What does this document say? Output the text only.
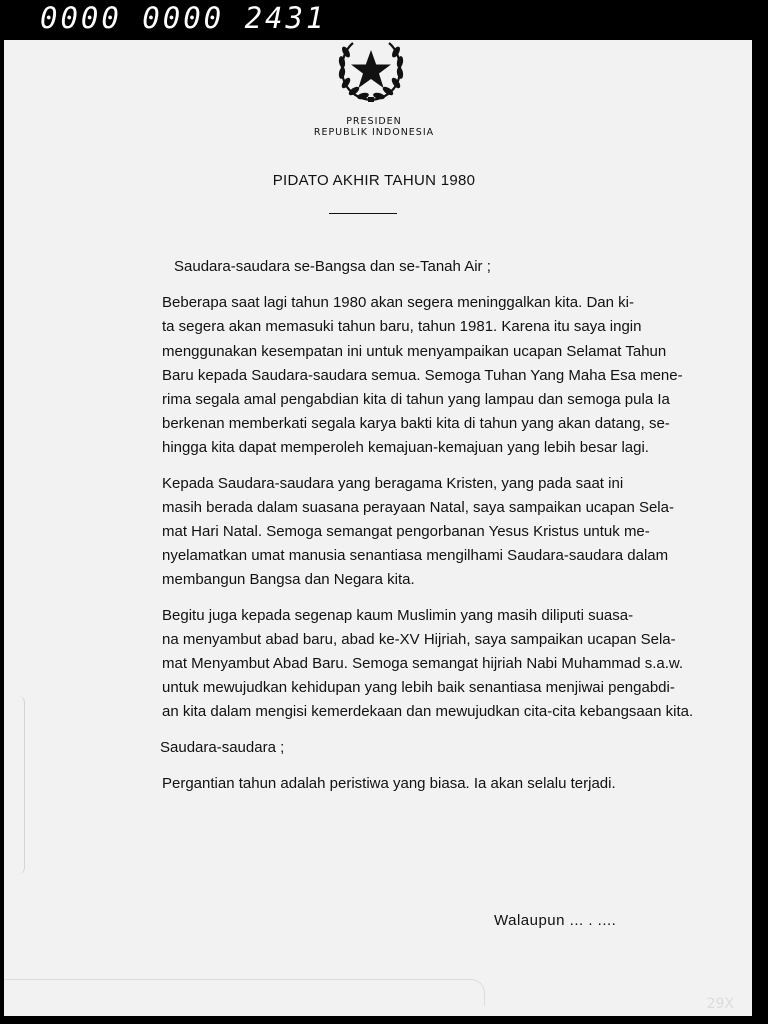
0000 0000 2431
PRESIDEN
REPUBLIK INDONESIA
PIDATO AKHIR TAHUN 1980
Saudara-saudara se-Bangsa dan se-Tanah Air ;

Beberapa saat lagi tahun 1980 akan segera meninggalkan kita. Dan ki-
ta segera akan memasuki tahun baru, tahun 1981. Karena itu saya ingin
menggunakan kesempatan ini untuk menyampaikan ucapan Selamat Tahun
Baru kepada Saudara-saudara semua. Semoga Tuhan Yang Maha Esa mene-
rima segala amal pengabdian kita di tahun yang lampau dan semoga pula Ia
berkenan memberkati segala karya bakti kita di tahun yang akan datang, se-
hingga kita dapat memperoleh kemajuan-kemajuan yang lebih besar lagi.

Kepada Saudara-saudara yang beragama Kristen, yang pada saat ini
masih berada dalam suasana perayaan Natal, saya sampaikan ucapan Sela-
mat Hari Natal. Semoga semangat pengorbanan Yesus Kristus untuk me-
nyelamatkan umat manusia senantiasa mengilhami Saudara-saudara dalam
membangun Bangsa dan Negara kita.

Begitu juga kepada segenap kaum Muslimin yang masih diliputi suasa-
na menyambut abad baru, abad ke-XV Hijriah, saya sampaikan ucapan Sela-
mat Menyambut Abad Baru. Semoga semangat hijriah Nabi Muhammad s.a.w.
untuk mewujudkan kehidupan yang lebih baik senantiasa menjiwai pengabdi-
an kita dalam mengisi kemerdekaan dan mewujudkan cita-cita kebangsaan kita.

Saudara-saudara ;

Pergantian tahun adalah peristiwa yang biasa. Ia akan selalu terjadi.

Walaupun ... . ....
29X
